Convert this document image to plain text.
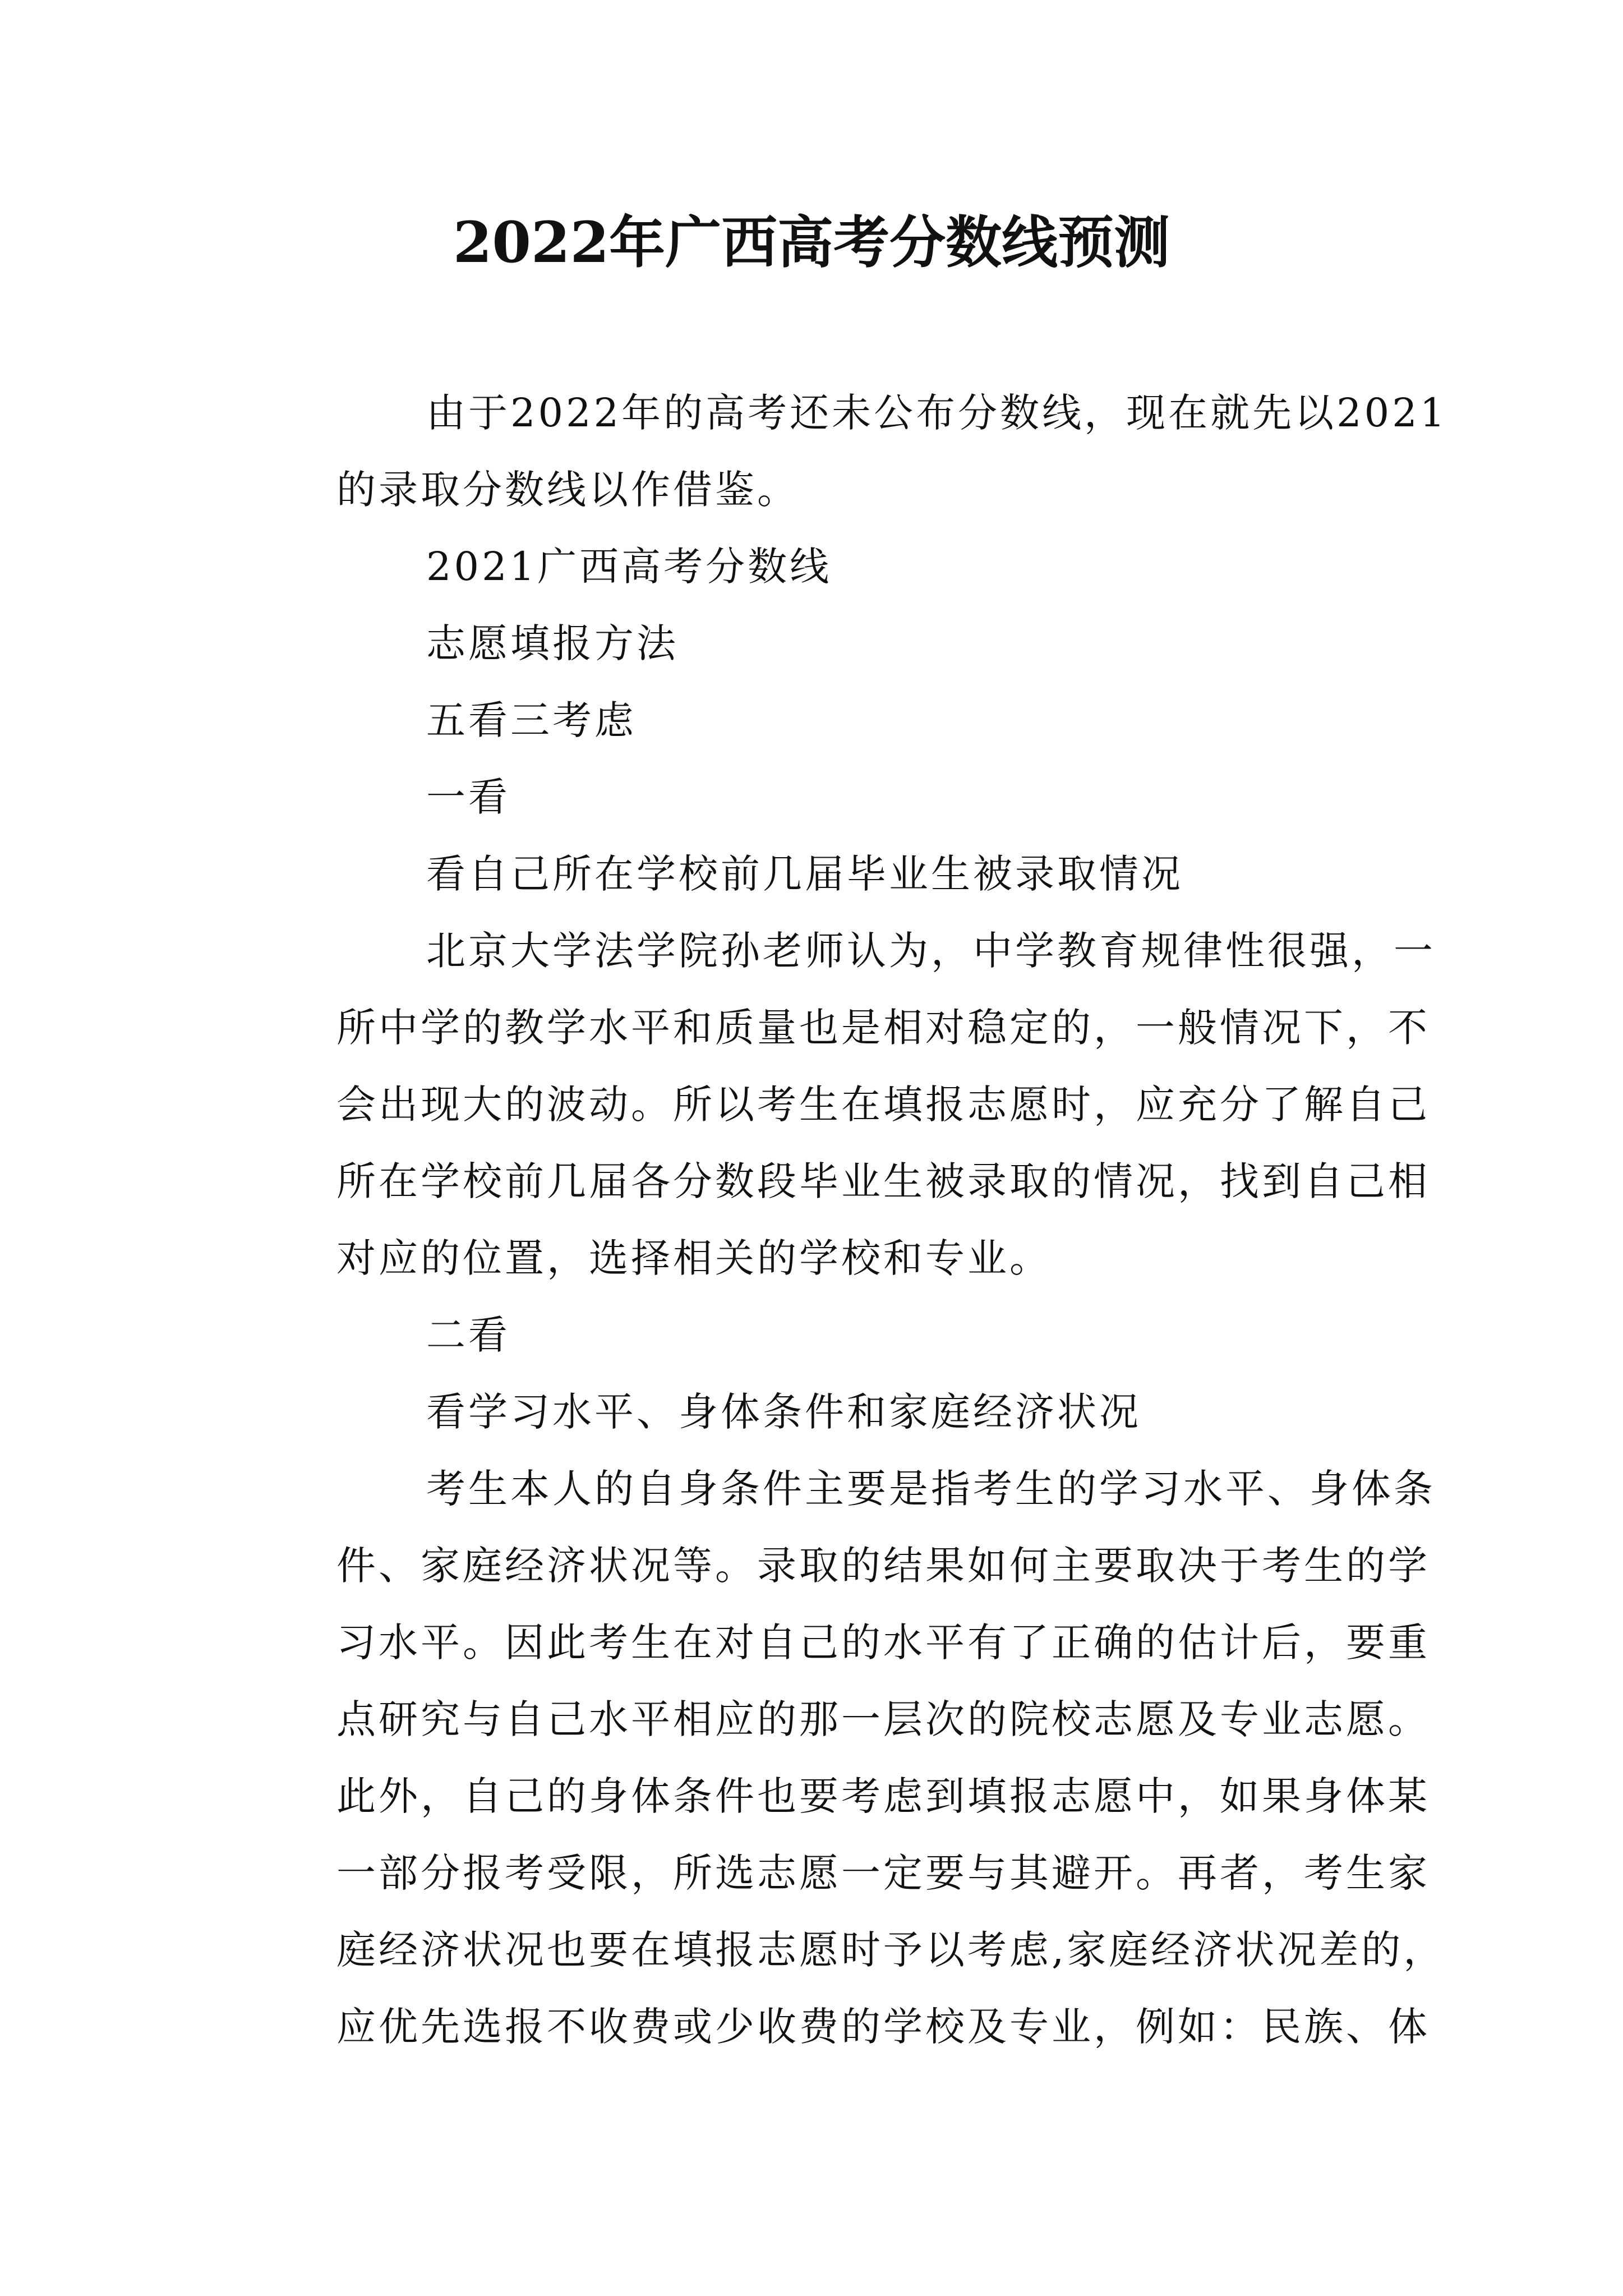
2022年广西高考分数线预测
由于2022年的高考还未公布分数线，现在就先以2021
的录取分数线以作借鉴。
2021广西高考分数线
志愿填报方法
五看三考虑
一看
看自己所在学校前几届毕业生被录取情况
北京大学法学院孙老师认为，中学教育规律性很强，一
所中学的教学水平和质量也是相对稳定的，一般情况下，不
会出现大的波动。所以考生在填报志愿时，应充分了解自己
所在学校前几届各分数段毕业生被录取的情况，找到自己相
对应的位置，选择相关的学校和专业。
二看
看学习水平、身体条件和家庭经济状况
考生本人的自身条件主要是指考生的学习水平、身体条
件、家庭经济状况等。录取的结果如何主要取决于考生的学
习水平。因此考生在对自己的水平有了正确的估计后，要重
点研究与自己水平相应的那一层次的院校志愿及专业志愿。
此外，自己的身体条件也要考虑到填报志愿中，如果身体某
一部分报考受限，所选志愿一定要与其避开。再者，考生家
庭经济状况也要在填报志愿时予以考虑,家庭经济状况差的，
应优先选报不收费或少收费的学校及专业，例如：民族、体
